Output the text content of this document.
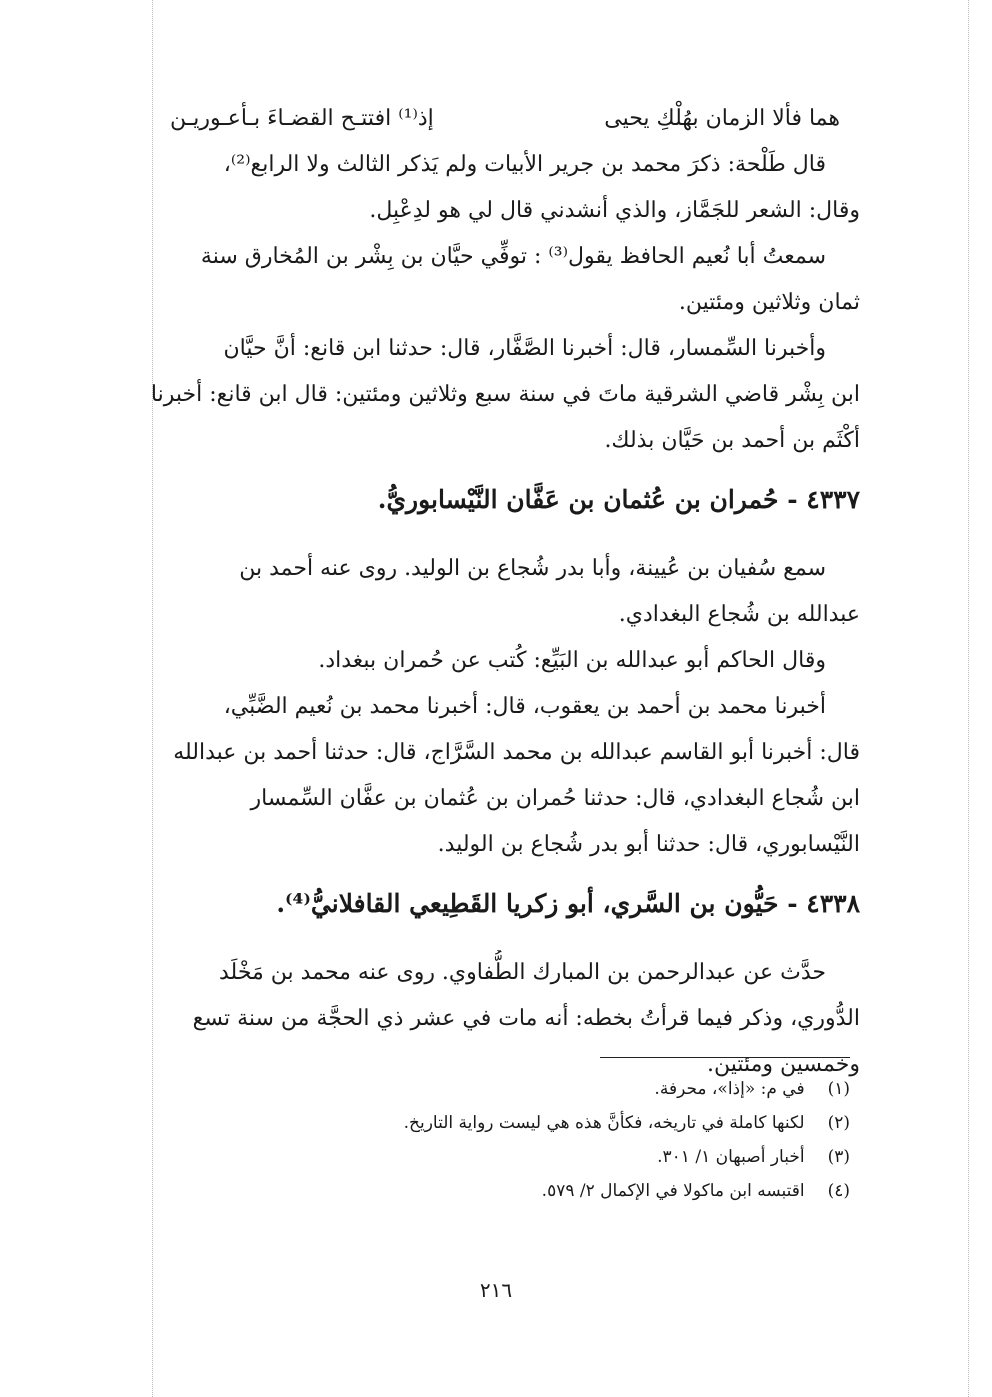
هما فألا الزمان بهُلْكِ يحيى
إذ⁽¹⁾ افتتـح القضـاءَ بـأعـوريـن
قال طَلْحة: ذكرَ محمد بن جرير الأبيات ولم يَذكر الثالث ولا الرابع⁽²⁾،
وقال: الشعر للجَمَّاز، والذي أنشدني قال لي هو لدِعْبِل.
سمعتُ أبا نُعيم الحافظ يقول⁽³⁾ : توفِّي حيَّان بن بِشْر بن المُخارق سنة
ثمان وثلاثين ومئتين.
وأخبرنا السِّمسار، قال: أخبرنا الصَّفَّار، قال: حدثنا ابن قانع: أنَّ حيَّان
ابن بِشْر قاضي الشرقية ماتَ في سنة سبع وثلاثين ومئتين: قال ابن قانع: أخبرنا
أكْثَم بن أحمد بن حَيَّان بذلك.
٤٣٣٧ - حُمران بن عُثمان بن عَفَّان النَّيْسابوريُّ.
سمع سُفيان بن عُيينة، وأبا بدر شُجاع بن الوليد. روى عنه أحمد بن
عبدالله بن شُجاع البغدادي.
وقال الحاكم أبو عبدالله بن البَيِّع: كُتب عن حُمران ببغداد.
أخبرنا محمد بن أحمد بن يعقوب، قال: أخبرنا محمد بن نُعيم الضَّبِّي،
قال: أخبرنا أبو القاسم عبدالله بن محمد السَّرَّاج، قال: حدثنا أحمد بن عبدالله
ابن شُجاع البغدادي، قال: حدثنا حُمران بن عُثمان بن عفَّان السِّمسار
النَّيْسابوري، قال: حدثنا أبو بدر شُجاع بن الوليد.
٤٣٣٨ - حَيُّون بن السَّري، أبو زكريا القَطِيعي القافلانيُّ⁽⁴⁾.
حدَّث عن عبدالرحمن بن المبارك الطُّفاوي. روى عنه محمد بن مَخْلَد
الدُّوري، وذكر فيما قرأتُ بخطه: أنه مات في عشر ذي الحجَّة من سنة تسع
وخمسين ومئتين.
(١) في م: «إذا»، محرفة.
(٢) لكنها كاملة في تاريخه، فكأنَّ هذه هي ليست رواية التاريخ.
(٣) أخبار أصبهان ١/ ٣٠١.
(٤) اقتبسه ابن ماكولا في الإكمال ٢/ ٥٧٩.
٢١٦
